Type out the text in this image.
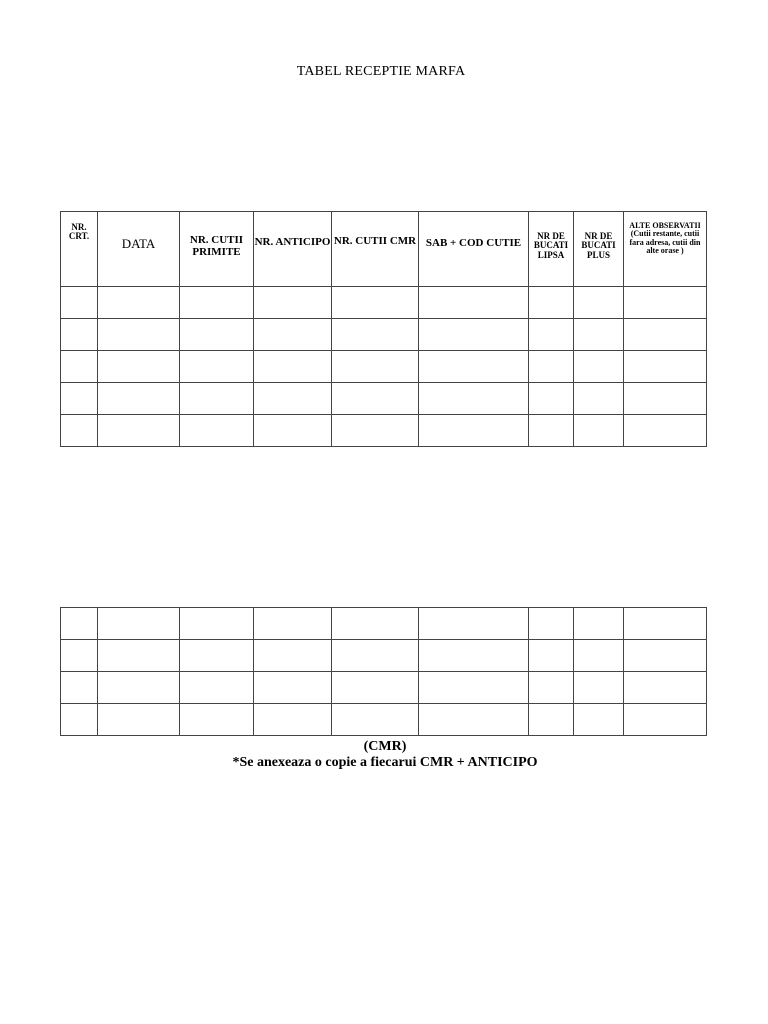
TABEL RECEPTIE MARFA
NR. CRT.	DATA	NR. CUTII PRIMITE	NR. ANTICIPO	NR. CUTII CMR	SAB + COD CUTIE	NR DE BUCATI LIPSA	NR DE BUCATI PLUS	ALTE OBSERVATII
(Cutii restante, cutii fara adresa, cutii din alte orase )

(CMR)
*Se anexeaza o copie a fiecarui CMR + ANTICIPO
